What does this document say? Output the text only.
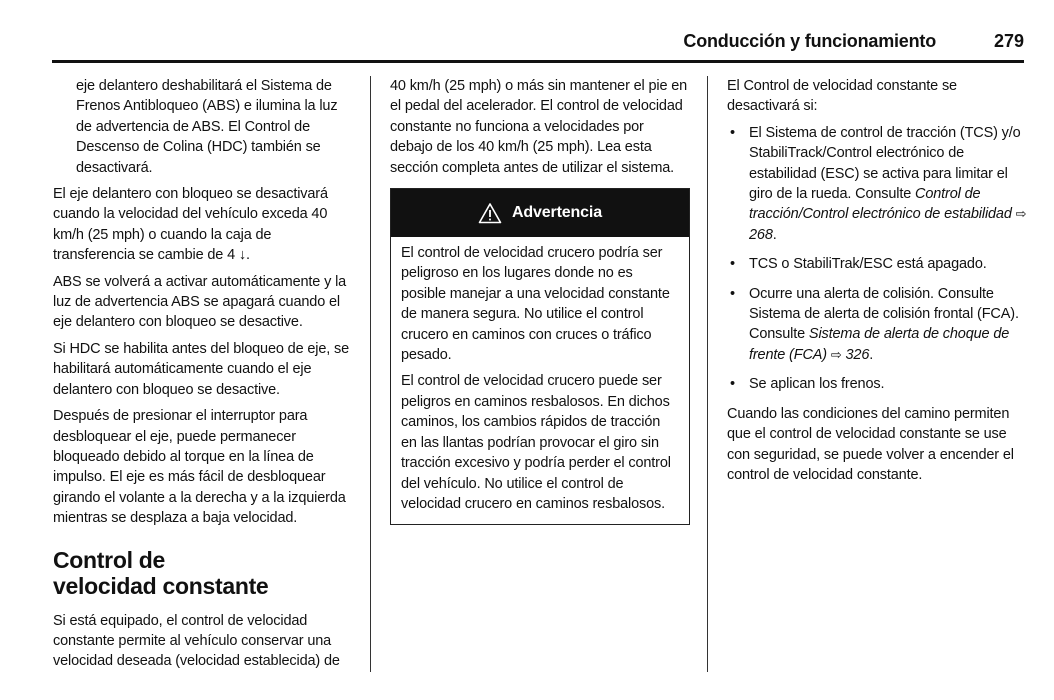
Conducción y funcionamiento	279

eje delantero deshabilitará el Sistema de Frenos Antibloqueo (ABS) e ilumina la luz de advertencia de ABS. El Control de Descenso de Colina (HDC) también se desactivará.

El eje delantero con bloqueo se desactivará cuando la velocidad del vehículo exceda 40 km/h (25 mph) o cuando la caja de transferencia se cambie de 4 ↓.

ABS se volverá a activar automáticamente y la luz de advertencia ABS se apagará cuando el eje delantero con bloqueo se desactive.

Si HDC se habilita antes del bloqueo de eje, se habilitará automáticamente cuando el eje delantero con bloqueo se desactive.

Después de presionar el interruptor para desbloquear el eje, puede permanecer bloqueado debido al torque en la línea de impulso. El eje es más fácil de desbloquear girando el volante a la derecha y a la izquierda mientras se desplaza a baja velocidad.

Control de
velocidad constante

Si está equipado, el control de velocidad constante permite al vehículo conservar una velocidad deseada (velocidad establecida) de

40 km/h (25 mph) o más sin mantener el pie en el pedal del acelerador. El control de velocidad constante no funciona a velocidades por debajo de los 40 km/h (25 mph). Lea esta sección completa antes de utilizar el sistema.

Advertencia

El control de velocidad crucero podría ser peligroso en los lugares donde no es posible manejar a una velocidad constante de manera segura. No utilice el control crucero en caminos con cruces o tráfico pesado.

El control de velocidad crucero puede ser peligros en caminos resbalosos. En dichos caminos, los cambios rápidos de tracción en las llantas podrían provocar el giro sin tracción excesivo y podría perder el control del vehículo. No utilice el control de velocidad crucero en caminos resbalosos.

El Control de velocidad constante se desactivará si:

• El Sistema de control de tracción (TCS) y/o StabiliTrack/Control electrónico de estabilidad (ESC) se activa para limitar el giro de la rueda. Consulte Control de tracción/Control electrónico de estabilidad ⇨ 268.
• TCS o StabiliTrak/ESC está apagado.
• Ocurre una alerta de colisión. Consulte Sistema de alerta de colisión frontal (FCA). Consulte Sistema de alerta de choque de frente (FCA) ⇨ 326.
• Se aplican los frenos.

Cuando las condiciones del camino permiten que el control de velocidad constante se use con seguridad, se puede volver a encender el control de velocidad constante.
